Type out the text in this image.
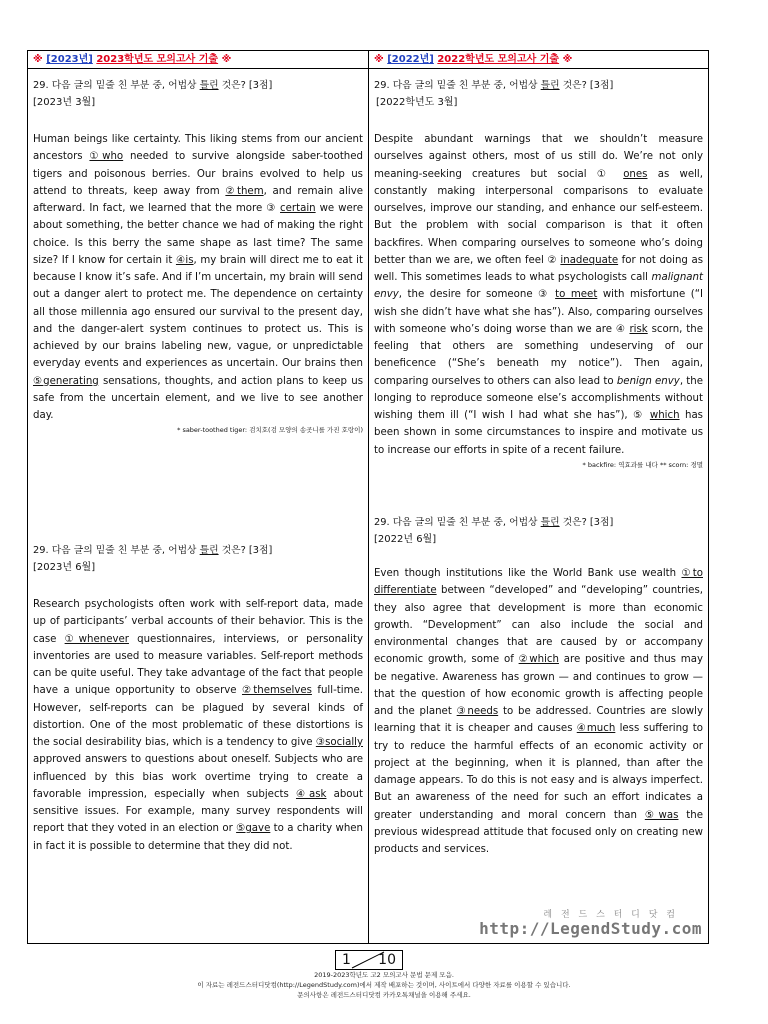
※ [2023년] 2023학년도 모의고사 기출 ※
29. 다음 글의 밑줄 친 부분 중, 어법상 틀린 것은? [3점]
[2023년 3월]
Human beings like certainty. This liking stems from our ancient ancestors ①who needed to survive alongside saber-toothed tigers and poisonous berries. Our brains evolved to help us attend to threats, keep away from ②them, and remain alive afterward. In fact, we learned that the more ③ certain we were about something, the better chance we had of making the right choice. Is this berry the same shape as last time? The same size? If I know for certain it ④is, my brain will direct me to eat it because I know it’s safe. And if I’m uncertain, my brain will send out a danger alert to protect me. The dependence on certainty all those millennia ago ensured our survival to the present day, and the danger-alert system continues to protect us. This is achieved by our brains labeling new, vague, or unpredictable everyday events and experiences as uncertain. Our brains then ⑤generating sensations, thoughts, and action plans to keep us safe from the uncertain element, and we live to see another day.
* saber-toothed tiger: 검치호(검 모양의 송곳니를 가진 호랑이)
29. 다음 글의 밑줄 친 부분 중, 어법상 틀린 것은? [3점]
[2023년 6월]
Research psychologists often work with self-report data, made up of participants’ verbal accounts of their behavior. This is the case ①whenever questionnaires, interviews, or personality inventories are used to measure variables. Self-report methods can be quite useful. They take advantage of the fact that people have a unique opportunity to observe ②themselves full-time. However, self-reports can be plagued by several kinds of distortion. One of the most problematic of these distortions is the social desirability bias, which is a tendency to give ③socially approved answers to questions about oneself. Subjects who are influenced by this bias work overtime trying to create a favorable impression, especially when subjects ④ask about sensitive issues. For example, many survey respondents will report that they voted in an election or ⑤gave to a charity when in fact it is possible to determine that they did not.
※ [2022년] 2022학년도 모의고사 기출 ※
29. 다음 글의 밑줄 친 부분 중, 어법상 틀린 것은? [3점]
[2022학년도 3월]
Despite abundant warnings that we shouldn’t measure ourselves against others, most of us still do. We’re not only meaning-seeking creatures but social ① ones as well, constantly making interpersonal comparisons to evaluate ourselves, improve our standing, and enhance our self-esteem. But the problem with social comparison is that it often backfires. When comparing ourselves to someone who’s doing better than we are, we often feel ② inadequate for not doing as well. This sometimes leads to what psychologists call malignant envy, the desire for someone ③ to meet with misfortune (“I wish she didn’t have what she has”). Also, comparing ourselves with someone who’s doing worse than we are ④ risk scorn, the feeling that others are something undeserving of our beneficence (“She’s beneath my notice”). Then again, comparing ourselves to others can also lead to benign envy, the longing to reproduce someone else’s accomplishments without wishing them ill (“I wish I had what she has”), ⑤ which has been shown in some circumstances to inspire and motivate us to increase our efforts in spite of a recent failure.
* backfire: 역효과를 내다 ** scorn: 경멸
29. 다음 글의 밑줄 친 부분 중, 어법상 틀린 것은? [3점]
[2022년 6월]
Even though institutions like the World Bank use wealth ①to differentiate between “developed” and “developing” countries, they also agree that development is more than economic growth. “Development” can also include the social and environmental changes that are caused by or accompany economic growth, some of ②which are positive and thus may be negative. Awareness has grown — and continues to grow — that the question of how economic growth is affecting people and the planet ③needs to be addressed. Countries are slowly learning that it is cheaper and causes ④much less suffering to try to reduce the harmful effects of an economic activity or project at the beginning, when it is planned, than after the damage appears. To do this is not easy and is always imperfect. But an awareness of the need for such an effort indicates a greater understanding and moral concern than ⑤was the previous widespread attitude that focused only on creating new products and services.
레 전 드 스 터 디 닷 컴
http://LegendStudy.com
1 10
2019-2023학년도 고2 모의고사 문법 문제 모음.
이 자료는 레전드스터디닷컴(http://LegendStudy.com)에서 제작 배포하는 것이며, 사이트에서 다양한 자료를 이용할 수 있습니다.
문의사항은 레전드스터디닷컴 카카오톡채널을 이용해 주세요.
